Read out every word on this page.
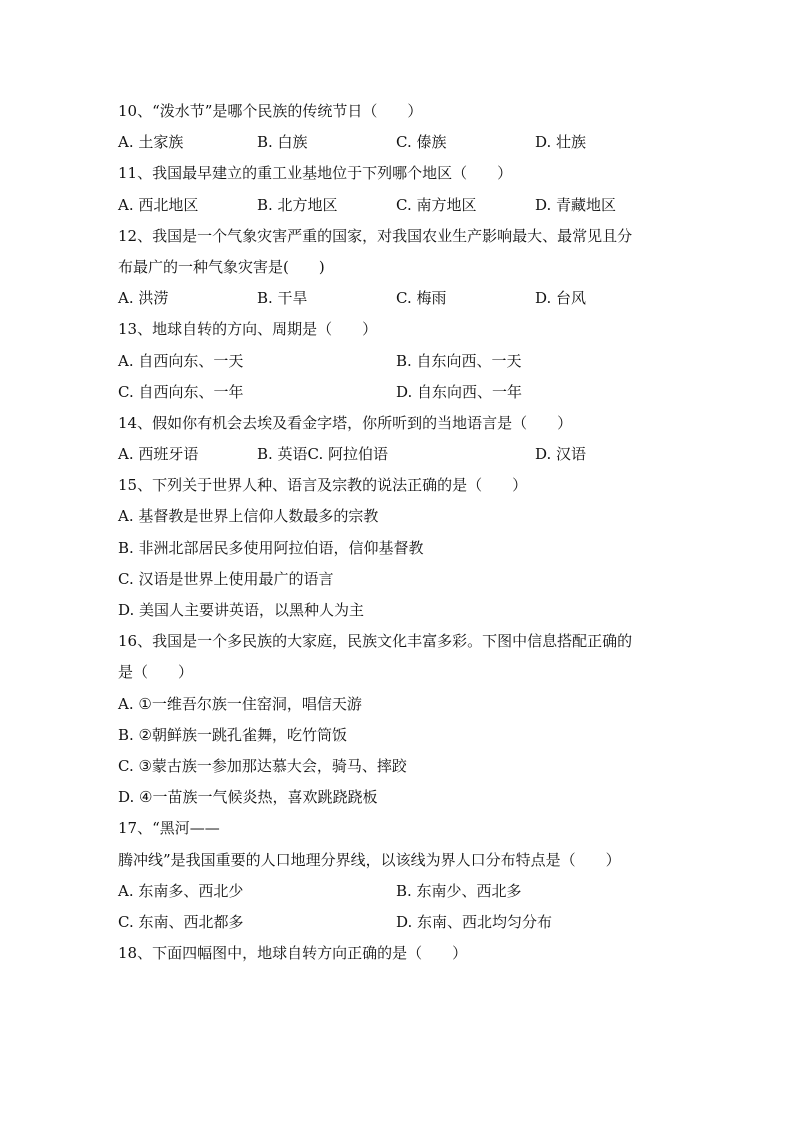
10、“泼水节”是哪个民族的传统节日（　　）
A. 土家族	B. 白族	C. 傣族	D. 壮族
11、我国最早建立的重工业基地位于下列哪个地区（　　）
A. 西北地区	B. 北方地区	C. 南方地区	D. 青藏地区
12、我国是一个气象灾害严重的国家，对我国农业生产影响最大、最常见且分
布最广的一种气象灾害是(　　)
A. 洪涝	B. 干旱	C. 梅雨	D. 台风
13、地球自转的方向、周期是（　　）
A. 自西向东、一天	B. 自东向西、一天
C. 自西向东、一年	D. 自东向西、一年
14、假如你有机会去埃及看金字塔，你所听到的当地语言是（　　）
A. 西班牙语	B. 英语C. 阿拉伯语	D. 汉语
15、下列关于世界人种、语言及宗教的说法正确的是（　　）
A. 基督教是世界上信仰人数最多的宗教
B. 非洲北部居民多使用阿拉伯语，信仰基督教
C. 汉语是世界上使用最广的语言
D. 美国人主要讲英语，以黑种人为主
16、我国是一个多民族的大家庭，民族文化丰富多彩。下图中信息搭配正确的
是（　　）
A. ①一维吾尔族一住窑洞，唱信天游
B. ②朝鲜族一跳孔雀舞，吃竹筒饭
C. ③蒙古族一参加那达慕大会，骑马、摔跤
D. ④一苗族一气候炎热，喜欢跳跷跷板
17、“黑河——
腾冲线”是我国重要的人口地理分界线，以该线为界人口分布特点是（　　）
A. 东南多、西北少	B. 东南少、西北多
C. 东南、西北都多	D. 东南、西北均匀分布
18、下面四幅图中，地球自转方向正确的是（　　）
